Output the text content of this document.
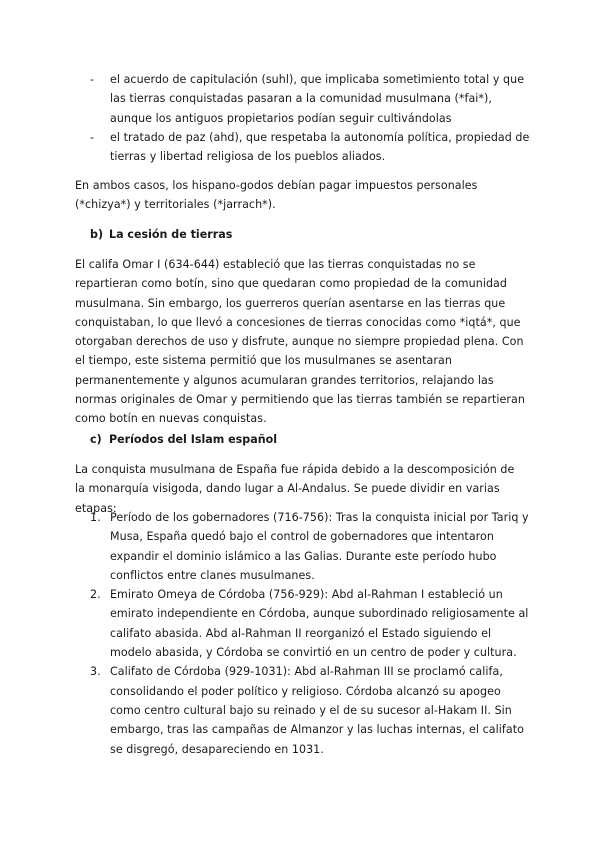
- el acuerdo de capitulación (suhl), que implicaba sometimiento total y que las tierras conquistadas pasaran a la comunidad musulmana (*fai*), aunque los antiguos propietarios podían seguir cultivándolas
- el tratado de paz (ahd), que respetaba la autonomía política, propiedad de tierras y libertad religiosa de los pueblos aliados.

En ambos casos, los hispano-godos debían pagar impuestos personales (*chizya*) y territoriales (*jarrach*).

b) La cesión de tierras

El califa Omar I (634-644) estableció que las tierras conquistadas no se repartieran como botín, sino que quedaran como propiedad de la comunidad musulmana. Sin embargo, los guerreros querían asentarse en las tierras que conquistaban, lo que llevó a concesiones de tierras conocidas como *iqtá*, que otorgaban derechos de uso y disfrute, aunque no siempre propiedad plena. Con el tiempo, este sistema permitió que los musulmanes se asentaran permanentemente y algunos acumularan grandes territorios, relajando las normas originales de Omar y permitiendo que las tierras también se repartieran como botín en nuevas conquistas.

c) Períodos del Islam español

La conquista musulmana de España fue rápida debido a la descomposición de la monarquía visigoda, dando lugar a Al-Andalus. Se puede dividir en varias etapas:

1. Período de los gobernadores (716-756): Tras la conquista inicial por Tariq y Musa, España quedó bajo el control de gobernadores que intentaron expandir el dominio islámico a las Galias. Durante este período hubo conflictos entre clanes musulmanes.
2. Emirato Omeya de Córdoba (756-929): Abd al-Rahman I estableció un emirato independiente en Córdoba, aunque subordinado religiosamente al califato abasida. Abd al-Rahman II reorganizó el Estado siguiendo el modelo abasida, y Córdoba se convirtió en un centro de poder y cultura.
3. Califato de Córdoba (929-1031): Abd al-Rahman III se proclamó califa, consolidando el poder político y religioso. Córdoba alcanzó su apogeo como centro cultural bajo su reinado y el de su sucesor al-Hakam II. Sin embargo, tras las campañas de Almanzor y las luchas internas, el califato se disgregó, desapareciendo en 1031.
